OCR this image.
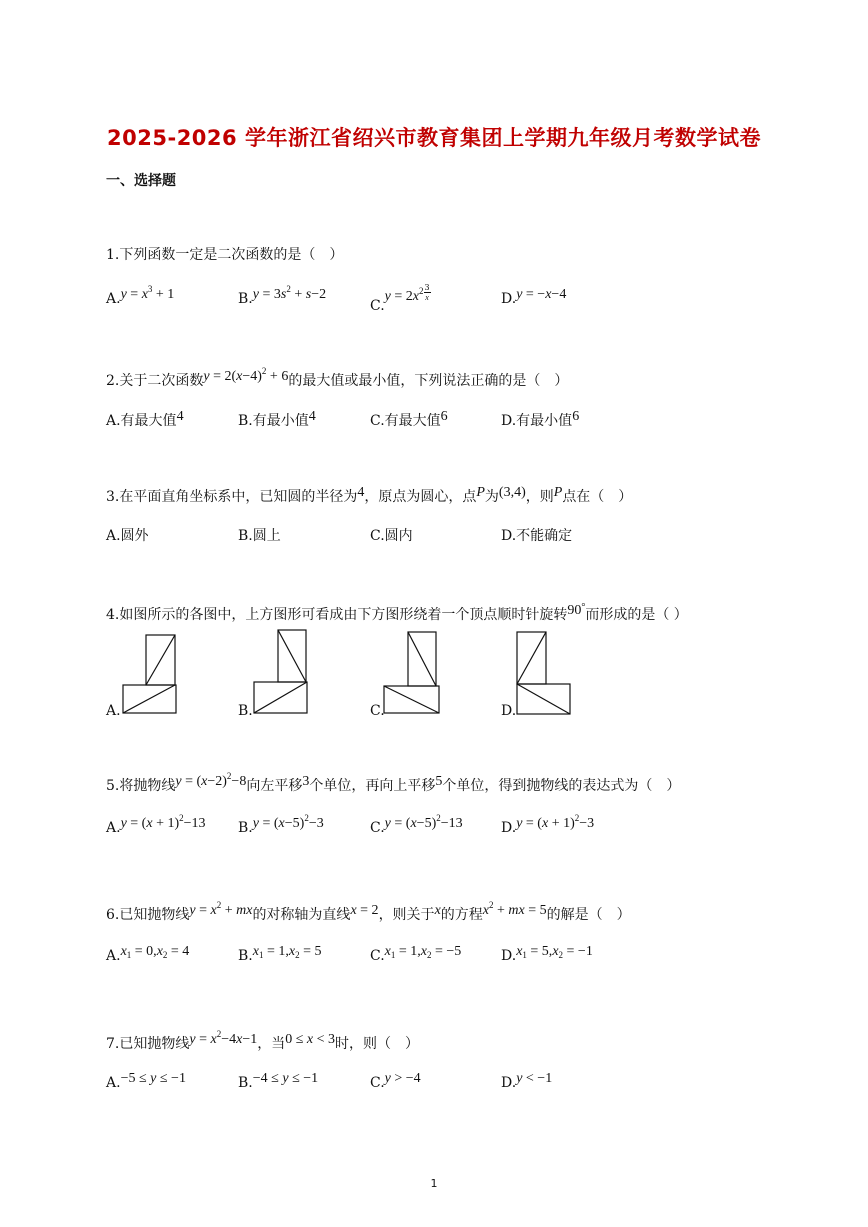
2025-2026 学年浙江省绍兴市教育集团上学期九年级月考数学试卷
一、选择题
1.下列函数一定是二次函数的是（　）
$A.y = x^3 + 1$	$B.y = 3s^2 + s-2$
$C.y = 2x^2 \frac{3}{x}$	D.y = −x−4
2.关于二次函数$y = 2(x-4)^2 + 6$的最大值或最小值，下列说法正确的是（　）
A.有最大值4	B.有最小值4	C.有最大值6	D.有最小值6
3.在平面直角坐标系中，已知圆的半径为4，原点为圆心，点P为(3,4)，则P点在（　）
A.圆外	B.圆上	C.圆内	D.不能确定
4.如图所示的各图中，上方图形可看成由下方图形绕着一个顶点顺时针旋转90°而形成的是（ ）
A.	B.	C.	D.
5.将抛物线$y = (x-2)^2-8$向左平移3个单位，再向上平移5个单位，得到抛物线的表达式为（　）
$A.y = (x + 1)^2-13$ $B.y = (x-5)^2-3$	$C.y = (x-5)^2-13$	$D.y = (x + 1)^2-3$
6.已知抛物线$y = x^2$ + mx的对称轴为直线x = 2，则关于x的方程$x^2$ + mx = 5的解是（　）
$A.x_1 = 0,x_2 = 4$	$B.x_1 = 1,x_2 = 5$	$C.x_1 = 1,x_2 = -5$	$D.x_1 = 5,x_2 = -1$
7.已知抛物线$y = x^2-4x-1$，当0 ≤ x < 3时，则（　）
A.−5 ≤ y ≤ −1	B.−4 ≤ y ≤ −1	C.y > −4	D.y < −1
1
